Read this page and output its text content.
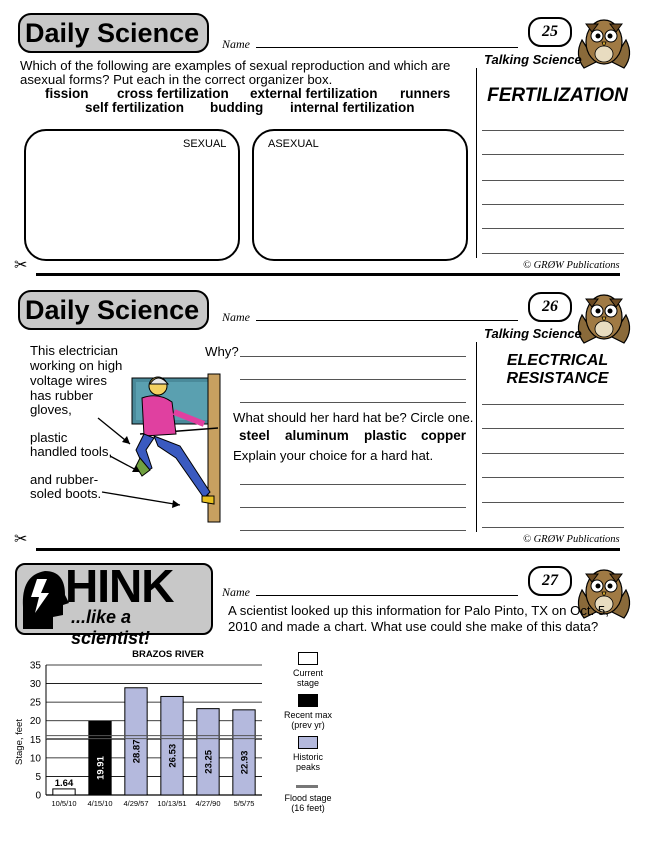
Daily Science	Name
25
Talking Science
Which of the following are examples of sexual reproduction and which are
asexual forms? Put each in the correct organizer box.
fission cross fertilization external fertilization runners
self fertilization budding internal fertilization
SEXUAL	ASEXUAL
FERTILIZATION
© GRØW Publications
✂
Daily Science	Name
26
Talking Science
This electrician
working on high
voltage wires
has rubber
gloves,
plastic
handled tools,
and rubber-
soled boots.
Why?
What should her hard hat be? Circle one.
steel aluminum plastic copper
Explain your choice for a hard hat.
ELECTRICAL
RESISTANCE
© GRØW Publications
✂
HINK
...like a scientist!
Name
27
A scientist looked up this information for Palo Pinto, TX on Oct. 5,
2010 and made a chart. What use could she make of this data?
BRAZOS RIVER
Stage, feet
0
5
10
15
20
25
30
35
1.64
19.91
28.87	26.53	23.25	22.93
10/5/10 4/15/10 4/29/57 10/13/51 4/27/90 5/5/75
Current
stage
Recent max
(prev yr)
Historic
peaks
Flood stage
(16 feet)
